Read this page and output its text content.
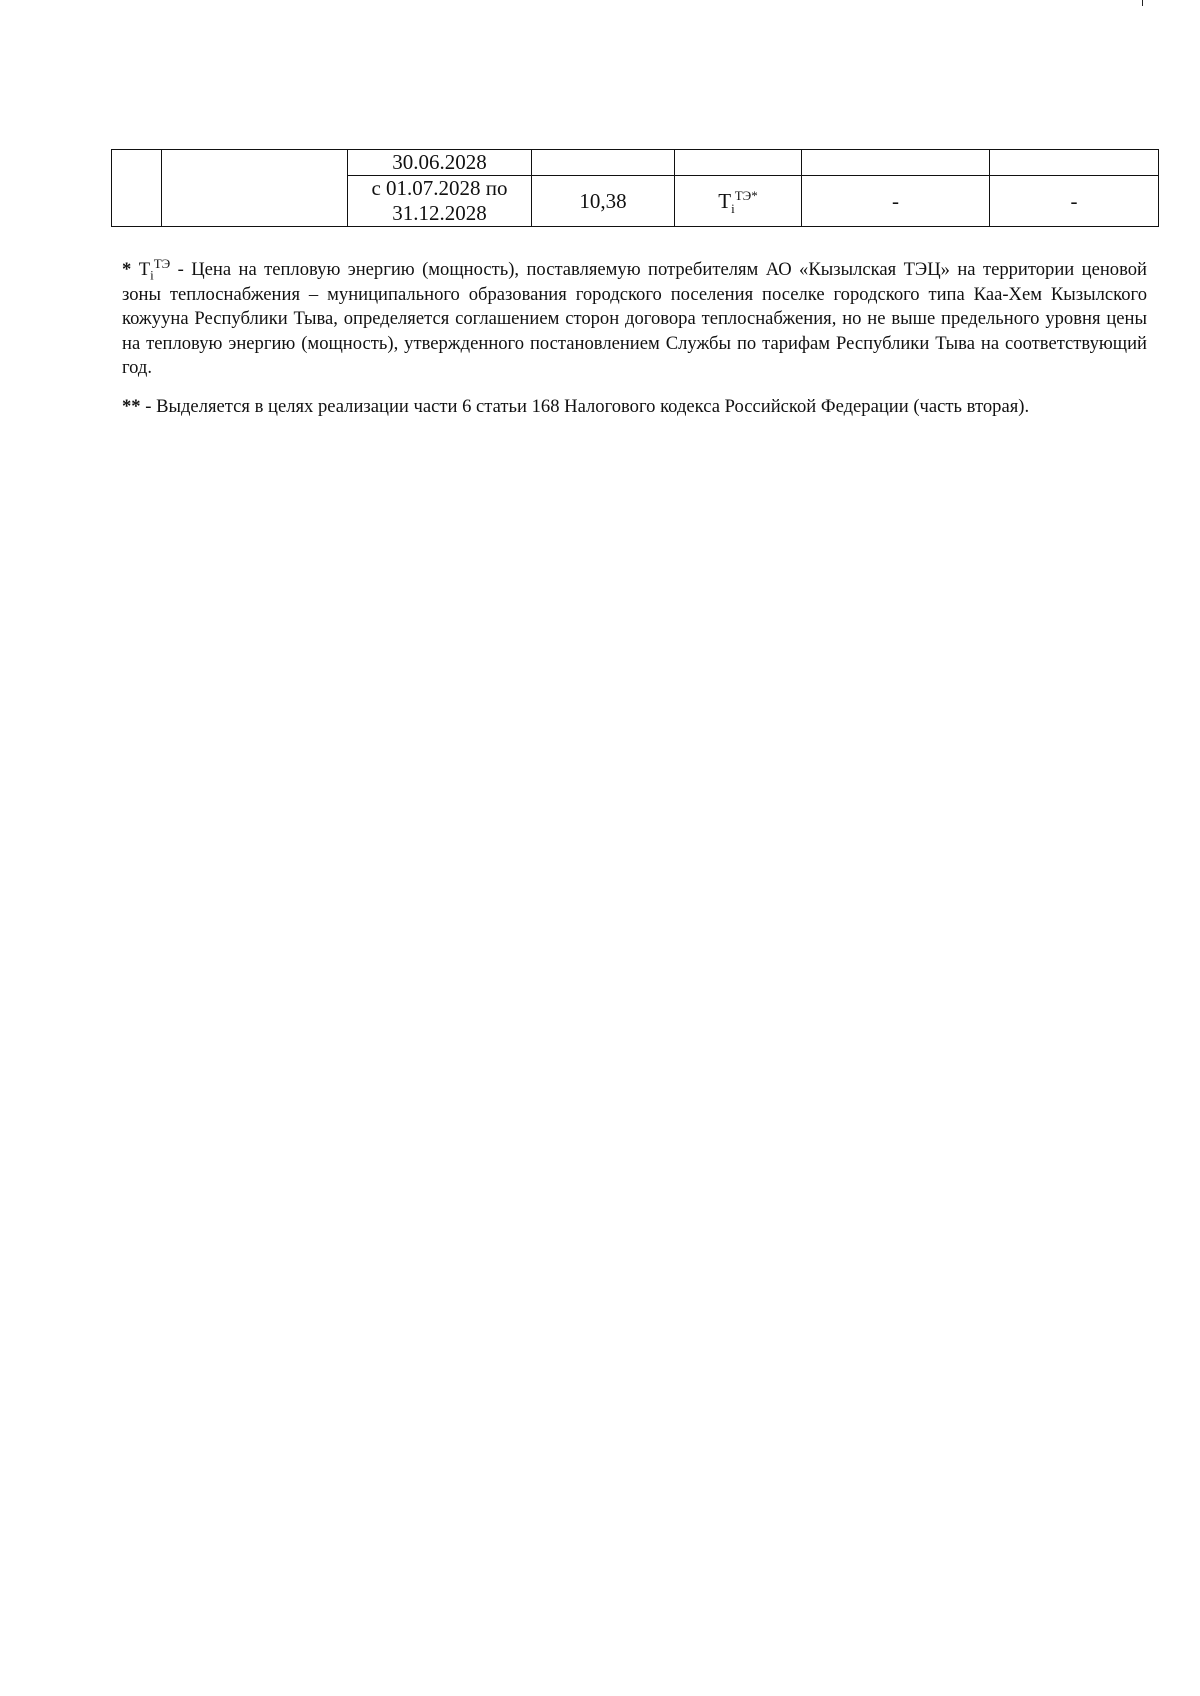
		30.06.2028				
		с 01.07.2028 по 31.12.2028	10,38	$Т_i^{ТЭ*}$	-	-

* $Т_i^{ТЭ}$ - Цена на тепловую энергию (мощность), поставляемую потребителям АО «Кызылская ТЭЦ» на территории ценовой зоны теплоснабжения – муниципального образования городского поселения поселке городского типа Каа-Хем Кызылского кожууна Республики Тыва, определяется соглашением сторон договора теплоснабжения, но не выше предельного уровня цены на тепловую энергию (мощность), утвержденного постановлением Службы по тарифам Республики Тыва на соответствующий год.

** - Выделяется в целях реализации части 6 статьи 168 Налогового кодекса Российской Федерации (часть вторая).
